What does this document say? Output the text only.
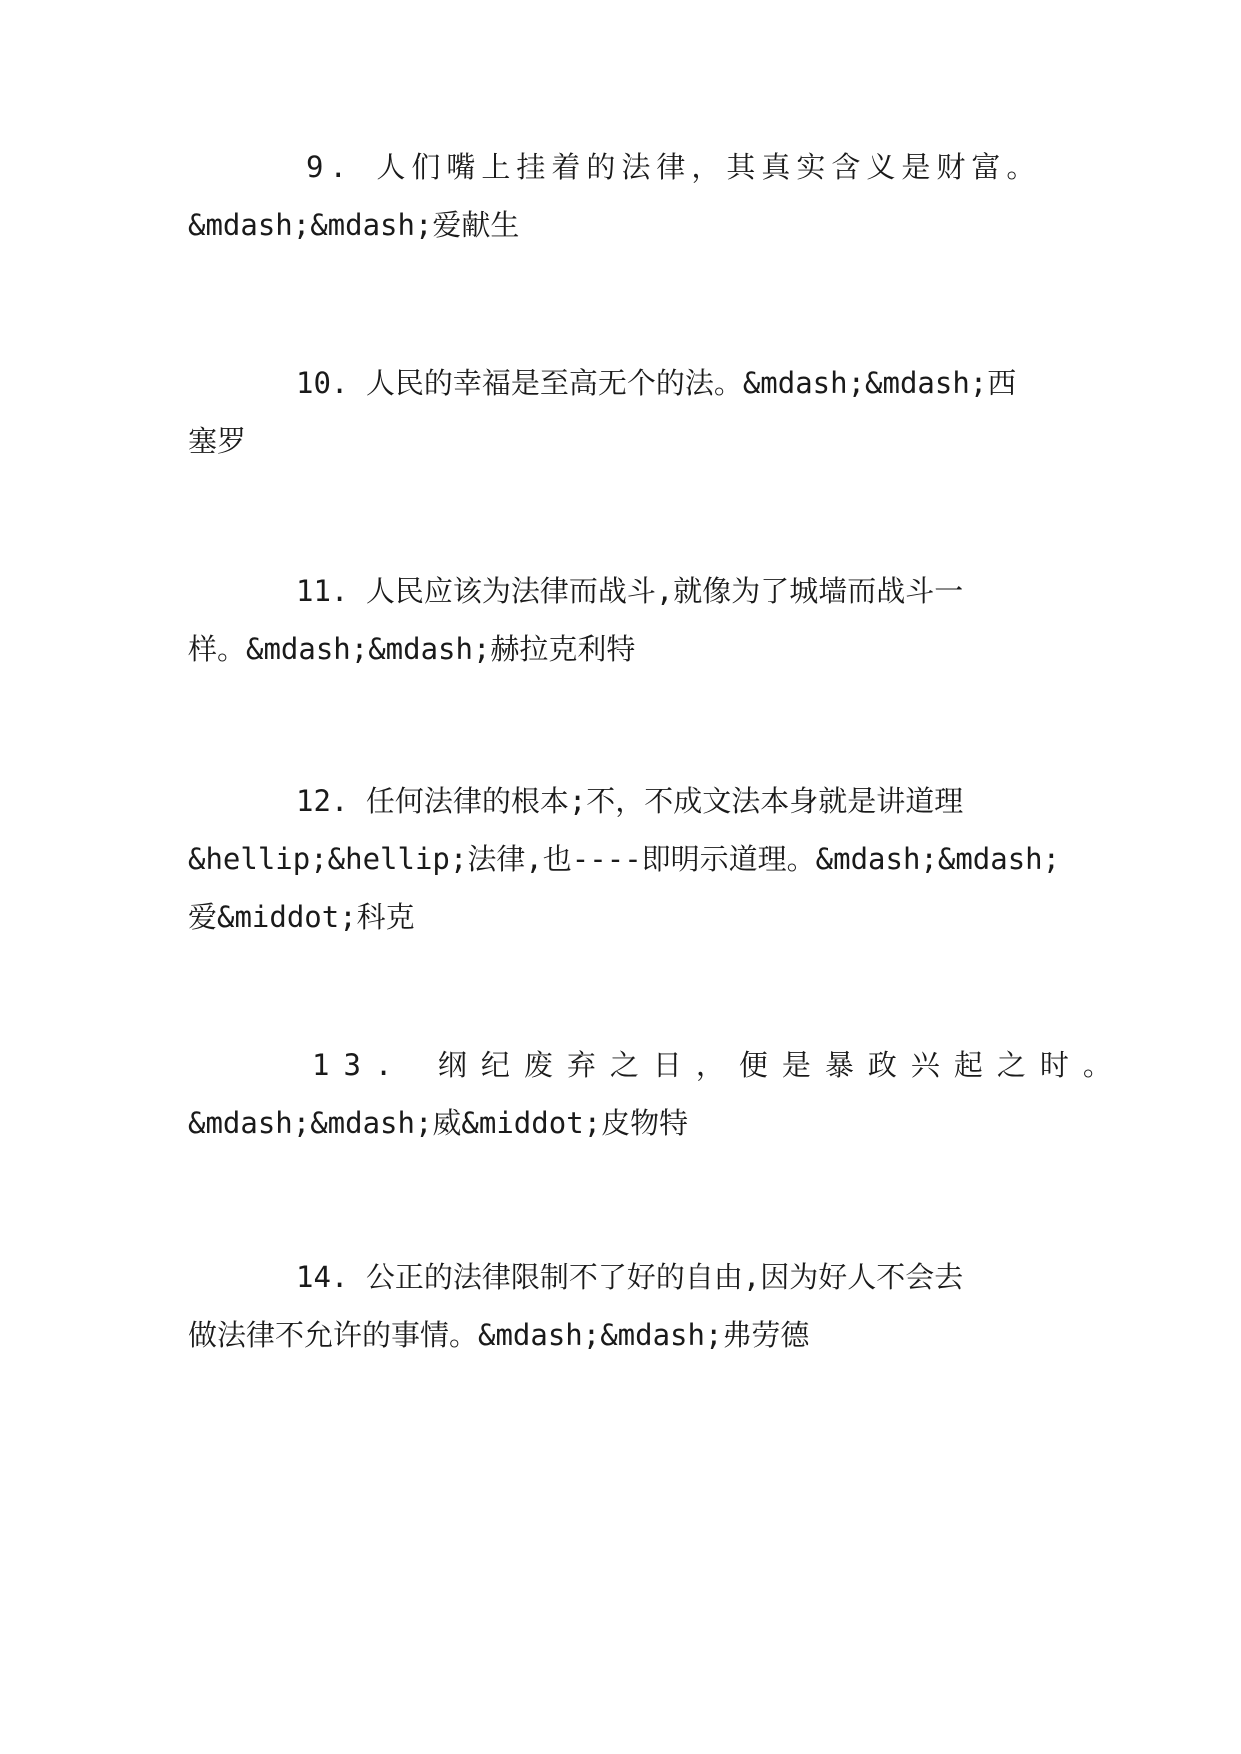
9. 人们嘴上挂着的法律，其真实含义是财富。
&mdash;&mdash;爱献生
10. 人民的幸福是至高无个的法。&mdash;&mdash;西
塞罗
11. 人民应该为法律而战斗,就像为了城墙而战斗一
样。&mdash;&mdash;赫拉克利特
12. 任何法律的根本;不，不成文法本身就是讲道理
&hellip;&hellip;法律,也----即明示道理。&mdash;&mdash;
爱&middot;科克
13. 纲纪废弃之日，便是暴政兴起之时。
&mdash;&mdash;威&middot;皮物特
14. 公正的法律限制不了好的自由,因为好人不会去
做法律不允许的事情。&mdash;&mdash;弗劳德
